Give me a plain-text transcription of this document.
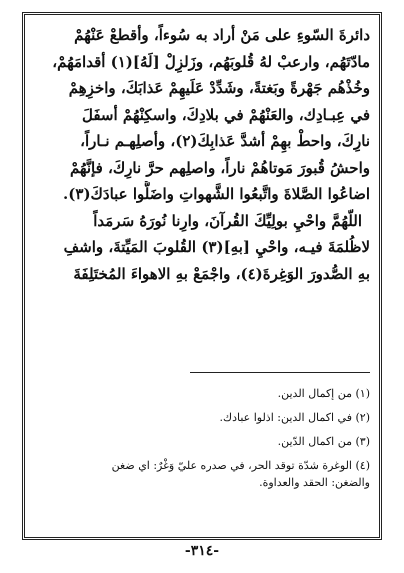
دائرةَ السّوءِ على مَنْ أراد به سُوءاً، وأقطعْ عَنْهُمْ
مادّتَهُم، وارعبْ لهُ قُلوبَهُم، وزَلزِلْ [لَهُ](١) أقدامَهُمْ،
وخُذْهُم جَهْرةً وبَغتةً، وشَدِّدْ عَلَيهِمْ عَذابَكَ، واخزِهِمْ
في عِبـادِك، والعَنْهُمْ في بلادِكَ، واسكِنْهُمْ أسفَلَ
نارِكَ، واحطْ بهِمْ أشدَّ عَذابِكَ(٢)، وأصلِهـم نـاراً،
واحشُ قُبورَ مَوتاهُمْ ناراً، واصلِهم حرَّ نارِكَ، فإنَّهُمْ
اضاعُوا الصَّلاةَ واتَّبعُوا الشَّهواتِ واضَلُّوا عبادَكَ(٣).
اللّهُمَّ واحْيِ بولِيِّكَ القُرآنَ، وارِنا نُورَهُ سَرمَداً
لاظُلمَةَ فيـه، واحْيِ [بهِ](٣) القُلوبَ المَيِّتةَ، واشفِ
بهِ الصُّدورَ الوَغِرةَ(٤)، واجْمَعْ بهِ الاهواءَ المُختَلِفَةَ
(١) من إكمال الدين.
(٢) في اكمال الدين: اذلوا عبادك.
(٣) من اكمال الدّين.
(٤) الوغرة شدّة توقد الحر، في صدره عليّ وَغْرٌ: اي ضغن
والضغن: الحقد والعداوة.
-٣١٤-
